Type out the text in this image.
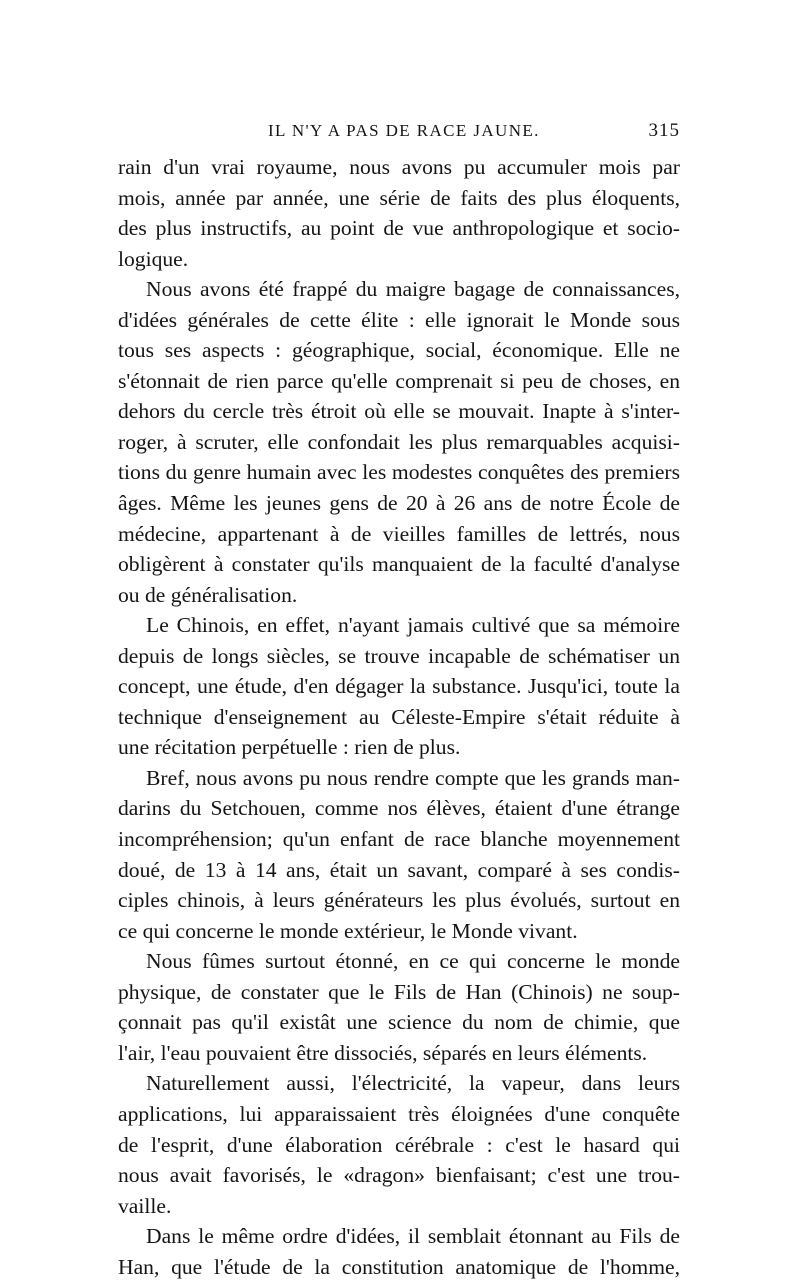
IL N'Y A PAS DE RACE JAUNE.	315
rain d'un vrai royaume, nous avons pu accumuler mois par
mois, année par année, une série de faits des plus éloquents,
des plus instructifs, au point de vue anthropologique et socio-
logique.
Nous avons été frappé du maigre bagage de connaissances,
d'idées générales de cette élite : elle ignorait le Monde sous
tous ses aspects : géographique, social, économique. Elle ne
s'étonnait de rien parce qu'elle comprenait si peu de choses, en
dehors du cercle très étroit où elle se mouvait. Inapte à s'inter-
roger, à scruter, elle confondait les plus remarquables acquisi-
tions du genre humain avec les modestes conquêtes des premiers
âges. Même les jeunes gens de 20 à 26 ans de notre École de
médecine, appartenant à de vieilles familles de lettrés, nous
obligèrent à constater qu'ils manquaient de la faculté d'analyse
ou de généralisation.
Le Chinois, en effet, n'ayant jamais cultivé que sa mémoire
depuis de longs siècles, se trouve incapable de schématiser un
concept, une étude, d'en dégager la substance. Jusqu'ici, toute la
technique d'enseignement au Céleste-Empire s'était réduite à
une récitation perpétuelle : rien de plus.
Bref, nous avons pu nous rendre compte que les grands man-
darins du Setchouen, comme nos élèves, étaient d'une étrange
incompréhension; qu'un enfant de race blanche moyennement
doué, de 13 à 14 ans, était un savant, comparé à ses condis-
ciples chinois, à leurs générateurs les plus évolués, surtout en
ce qui concerne le monde extérieur, le Monde vivant.
Nous fûmes surtout étonné, en ce qui concerne le monde
physique, de constater que le Fils de Han (Chinois) ne soup-
çonnait pas qu'il existât une science du nom de chimie, que
l'air, l'eau pouvaient être dissociés, séparés en leurs éléments.
Naturellement aussi, l'électricité, la vapeur, dans leurs
applications, lui apparaissaient très éloignées d'une conquête
de l'esprit, d'une élaboration cérébrale : c'est le hasard qui
nous avait favorisés, le «dragon» bienfaisant; c'est une trou-
vaille.
Dans le même ordre d'idées, il semblait étonnant au Fils de
Han, que l'étude de la constitution anatomique de l'homme,
